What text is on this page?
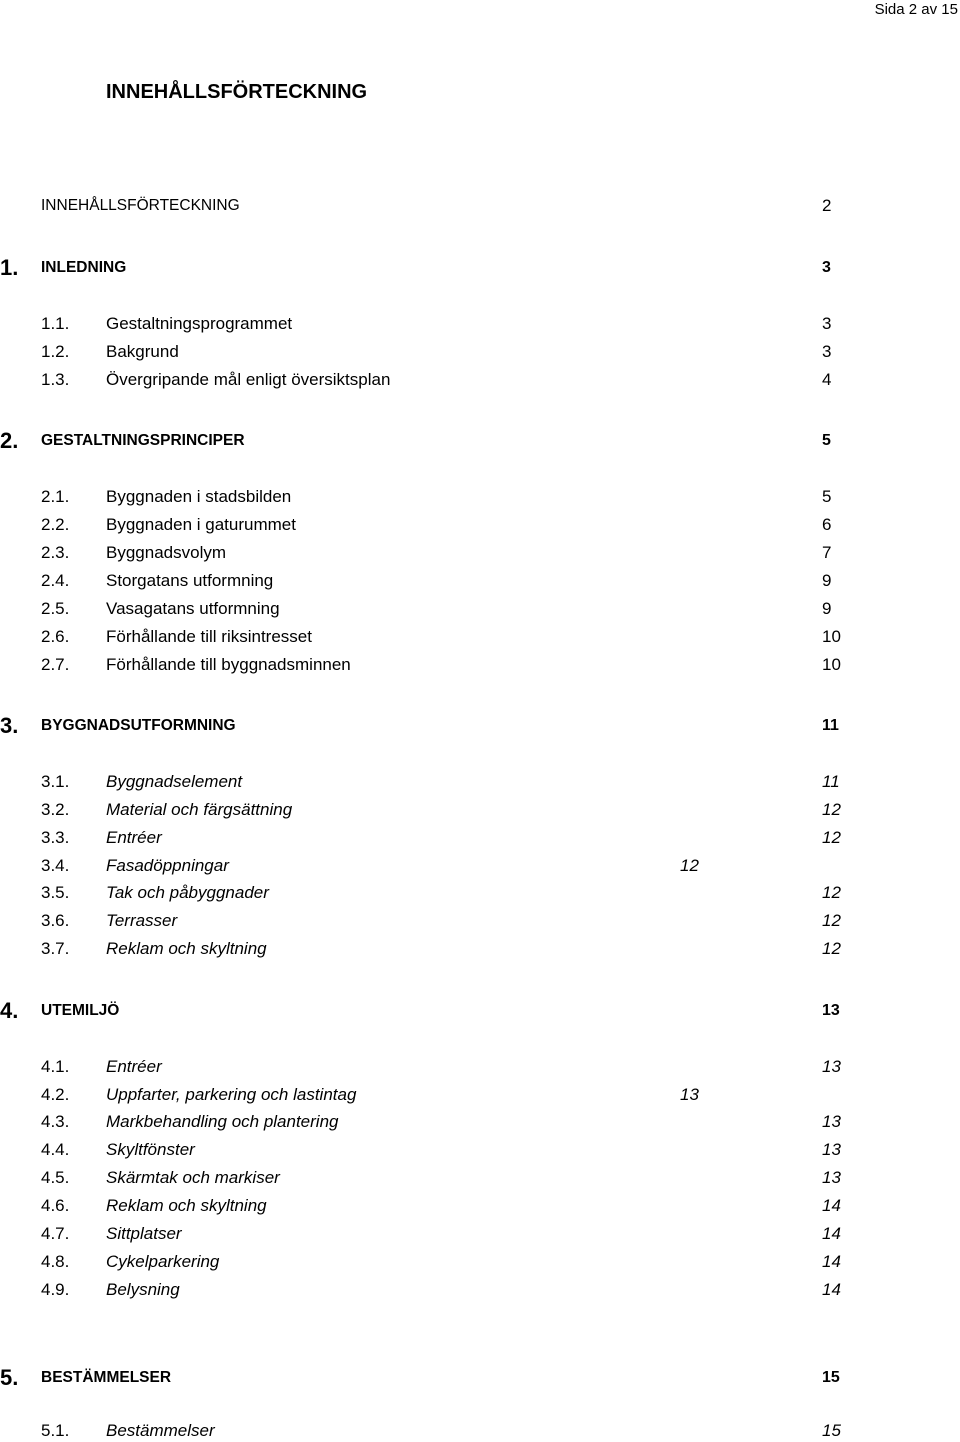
Sida 2 av 15
INNEHÅLLSFÖRTECKNING
INNEHÅLLSFÖRTECKNING	2
1. INLEDNING	3
1.1. Gestaltningsprogrammet	3
1.2. Bakgrund	3
1.3. Övergripande mål enligt översiktsplan	4
2. GESTALTNINGSPRINCIPER	5
2.1. Byggnaden i stadsbilden	5
2.2. Byggnaden i gaturummet	6
2.3. Byggnadsvolym	7
2.4. Storgatans utformning	9
2.5. Vasagatans utformning	9
2.6. Förhållande till riksintresset	10
2.7. Förhållande till byggnadsminnen	10
3. BYGGNADSUTFORMNING	11
3.1. Byggnadselement	11
3.2. Material och färgsättning	12
3.3. Entréer	12
3.4. Fasadöppningar	12
3.5. Tak och påbyggnader	12
3.6. Terrasser	12
3.7. Reklam och skyltning	12
4. UTEMILJÖ	13
4.1. Entréer	13
4.2. Uppfarter, parkering och lastintag	13
4.3. Markbehandling och plantering	13
4.4. Skyltfönster	13
4.5. Skärmtak och markiser	13
4.6. Reklam och skyltning	14
4.7. Sittplatser	14
4.8. Cykelparkering	14
4.9. Belysning	14
5. BESTÄMMELSER	15
5.1. Bestämmelser	15
